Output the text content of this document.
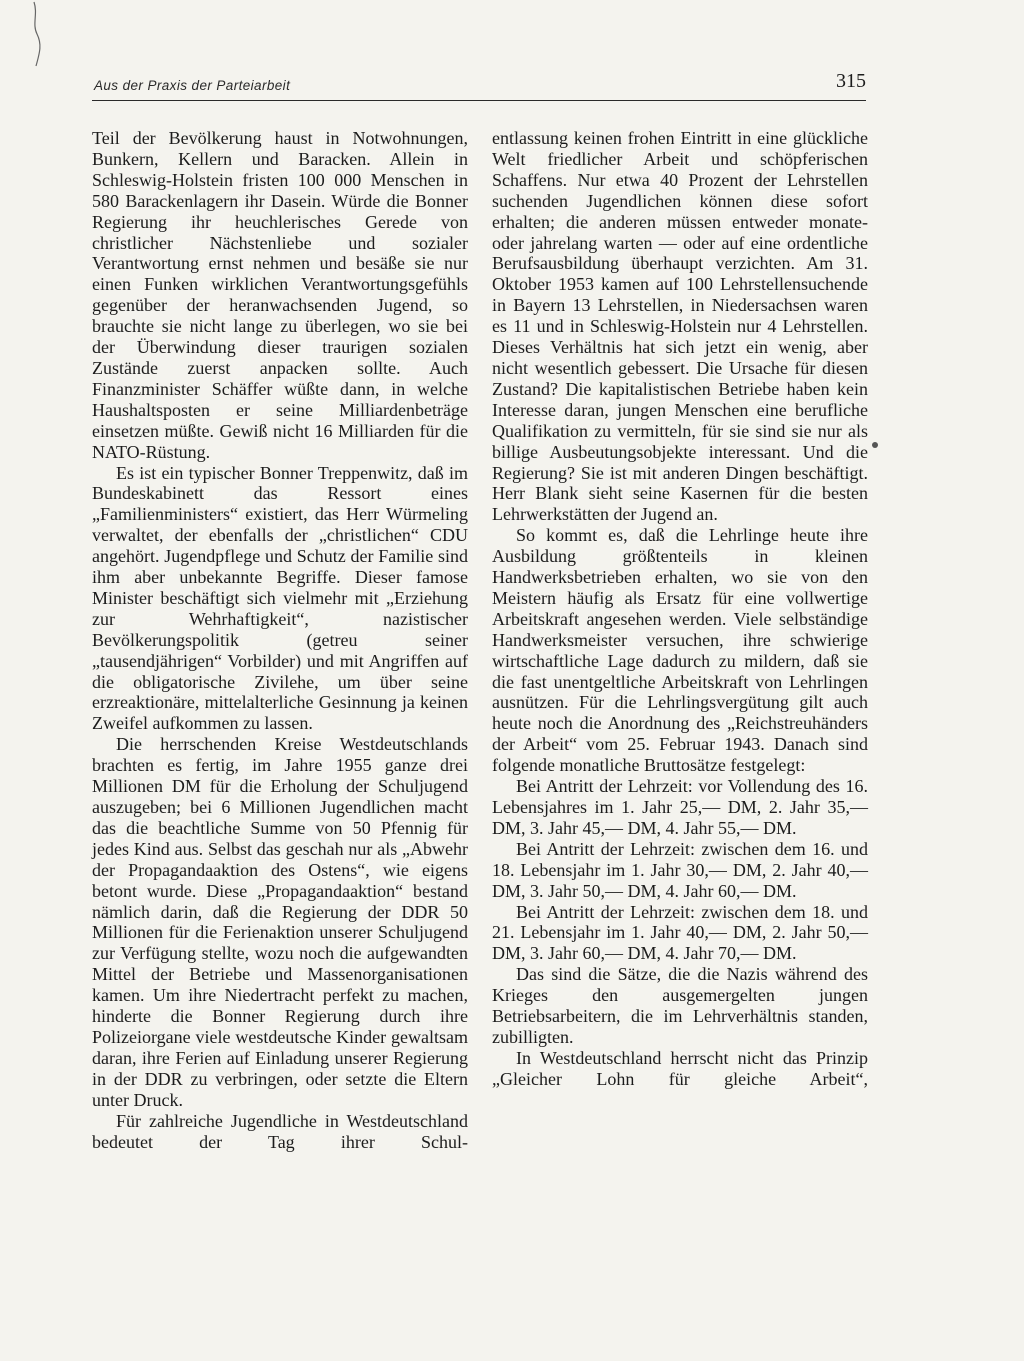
Aus der Praxis der Parteiarbeit	315

Teil der Bevölkerung haust in Notwohnungen, Bunkern, Kellern und Baracken. Allein in Schleswig-Holstein fristen 100 000 Menschen in 580 Barackenlagern ihr Dasein. Würde die Bonner Regierung ihr heuchlerisches Gerede von christlicher Nächstenliebe und sozialer Verantwortung ernst nehmen und besäße sie nur einen Funken wirklichen Verantwortungsgefühls gegenüber der heranwachsenden Jugend, so brauchte sie nicht lange zu überlegen, wo sie bei der Überwindung dieser traurigen sozialen Zustände zuerst anpacken sollte. Auch Finanzminister Schäffer wüßte dann, in welche Haushaltsposten er seine Milliardenbeträge einsetzen müßte. Gewiß nicht 16 Milliarden für die NATO-Rüstung.

Es ist ein typischer Bonner Treppenwitz, daß im Bundeskabinett das Ressort eines „Familienministers“ existiert, das Herr Würmeling verwaltet, der ebenfalls der „christlichen“ CDU angehört. Jugendpflege und Schutz der Familie sind ihm aber unbekannte Begriffe. Dieser famose Minister beschäftigt sich vielmehr mit „Erziehung zur Wehrhaftigkeit“, nazistischer Bevölkerungspolitik (getreu seiner „tausendjährigen“ Vorbilder) und mit Angriffen auf die obligatorische Zivilehe, um über seine erzreaktionäre, mittelalterliche Gesinnung ja keinen Zweifel aufkommen zu lassen.

Die herrschenden Kreise Westdeutschlands brachten es fertig, im Jahre 1955 ganze drei Millionen DM für die Erholung der Schuljugend auszugeben; bei 6 Millionen Jugendlichen macht das die beachtliche Summe von 50 Pfennig für jedes Kind aus. Selbst das geschah nur als „Abwehr der Propagandaaktion des Ostens“, wie eigens betont wurde. Diese „Propagandaaktion“ bestand nämlich darin, daß die Regierung der DDR 50 Millionen für die Ferienaktion unserer Schuljugend zur Verfügung stellte, wozu noch die aufgewandten Mittel der Betriebe und Massenorganisationen kamen. Um ihre Niedertracht perfekt zu machen, hinderte die Bonner Regierung durch ihre Polizeiorgane viele westdeutsche Kinder gewaltsam daran, ihre Ferien auf Einladung unserer Regierung in der DDR zu verbringen, oder setzte die Eltern unter Druck.

Für zahlreiche Jugendliche in Westdeutschland bedeutet der Tag ihrer Schul-

entlassung keinen frohen Eintritt in eine glückliche Welt friedlicher Arbeit und schöpferischen Schaffens. Nur etwa 40 Prozent der Lehrstellen suchenden Jugendlichen können diese sofort erhalten; die anderen müssen entweder monate- oder jahrelang warten — oder auf eine ordentliche Berufsausbildung überhaupt verzichten. Am 31. Oktober 1953 kamen auf 100 Lehrstellensuchende in Bayern 13 Lehrstellen, in Niedersachsen waren es 11 und in Schleswig-Holstein nur 4 Lehrstellen. Dieses Verhältnis hat sich jetzt ein wenig, aber nicht wesentlich gebessert. Die Ursache für diesen Zustand? Die kapitalistischen Betriebe haben kein Interesse daran, jungen Menschen eine berufliche Qualifikation zu vermitteln, für sie sind sie nur als billige Ausbeutungsobjekte interessant. Und die Regierung? Sie ist mit anderen Dingen beschäftigt. Herr Blank sieht seine Kasernen für die besten Lehrwerkstätten der Jugend an.

So kommt es, daß die Lehrlinge heute ihre Ausbildung größtenteils in kleinen Handwerksbetrieben erhalten, wo sie von den Meistern häufig als Ersatz für eine vollwertige Arbeitskraft angesehen werden. Viele selbständige Handwerksmeister versuchen, ihre schwierige wirtschaftliche Lage dadurch zu mildern, daß sie die fast unentgeltliche Arbeitskraft von Lehrlingen ausnützen. Für die Lehrlingsvergütung gilt auch heute noch die Anordnung des „Reichstreuhänders der Arbeit“ vom 25. Februar 1943. Danach sind folgende monatliche Bruttosätze festgelegt:

Bei Antritt der Lehrzeit: vor Vollendung des 16. Lebensjahres im 1. Jahr 25,— DM, 2. Jahr 35,— DM, 3. Jahr 45,— DM, 4. Jahr 55,— DM.

Bei Antritt der Lehrzeit: zwischen dem 16. und 18. Lebensjahr im 1. Jahr 30,— DM, 2. Jahr 40,— DM, 3. Jahr 50,— DM, 4. Jahr 60,— DM.

Bei Antritt der Lehrzeit: zwischen dem 18. und 21. Lebensjahr im 1. Jahr 40,— DM, 2. Jahr 50,— DM, 3. Jahr 60,— DM, 4. Jahr 70,— DM.

Das sind die Sätze, die die Nazis während des Krieges den ausgemergelten jungen Betriebsarbeitern, die im Lehrverhältnis standen, zubilligten.

In Westdeutschland herrscht nicht das Prinzip „Gleicher Lohn für gleiche Arbeit“,
